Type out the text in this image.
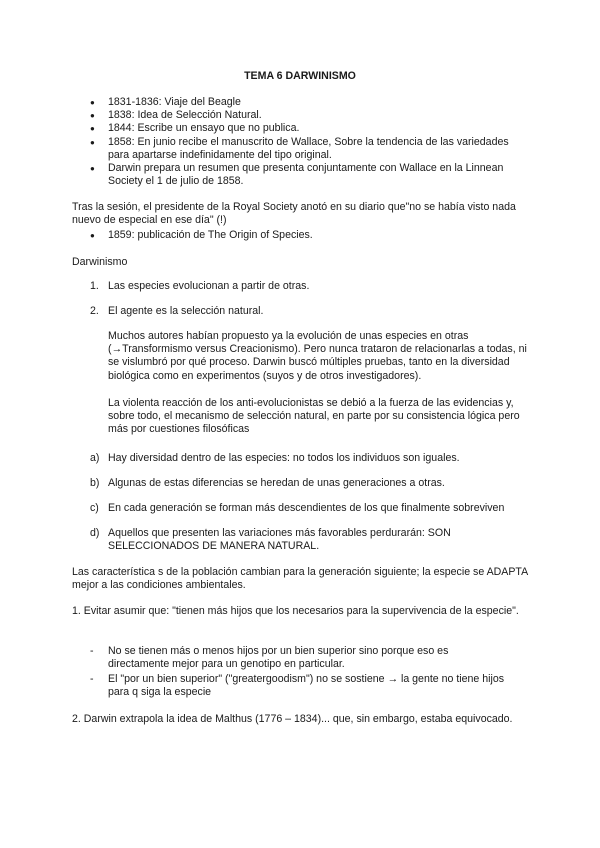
TEMA 6 DARWINISMO
● 1831-1836: Viaje del Beagle
● 1838: Idea de Selección Natural.
● 1844: Escribe un ensayo que no publica.
● 1858: En junio recibe el manuscrito de Wallace, Sobre la tendencia de las variedades para apartarse indefinidamente del tipo original.
● Darwin prepara un resumen que presenta conjuntamente con Wallace en la Linnean Society el 1 de julio de 1858.

Tras la sesión, el presidente de la Royal Society anotó en su diario que"no se había visto nada nuevo de especial en ese día" (!)

● 1859: publicación de The Origin of Species.

Darwinismo

1. Las especies evolucionan a partir de otras.
2. El agente es la selección natural.

Muchos autores habían propuesto ya la evolución de unas especies en otras (→Transformismo versus Creacionismo). Pero nunca trataron de relacionarlas a todas, ni se vislumbró por qué proceso. Darwin buscó múltiples pruebas, tanto en la diversidad biológica como en experimentos (suyos y de otros investigadores).

La violenta reacción de los anti-evolucionistas se debió a la fuerza de las evidencias y, sobre todo, el mecanismo de selección natural, en parte por su consistencia lógica pero más por cuestiones filosóficas

a) Hay diversidad dentro de las especies: no todos los individuos son iguales.
b) Algunas de estas diferencias se heredan de unas generaciones a otras.
c) En cada generación se forman más descendientes de los que finalmente sobreviven
d) Aquellos que presenten las variaciones más favorables perdurarán: SON SELECCIONADOS DE MANERA NATURAL.

Las característica s de la población cambian para la generación siguiente; la especie se ADAPTA mejor a las condiciones ambientales.

1. Evitar asumir que: "tienen más hijos que los necesarios para la supervivencia de la especie".

- No se tienen más o menos hijos por un bien superior sino porque eso es directamente mejor para un genotipo en particular.
- El "por un bien superior" ("greatergoodism") no se sostiene → la gente no tiene hijos para q siga la especie

2. Darwin extrapola la idea de Malthus (1776 – 1834)... que, sin embargo, estaba equivocado.
